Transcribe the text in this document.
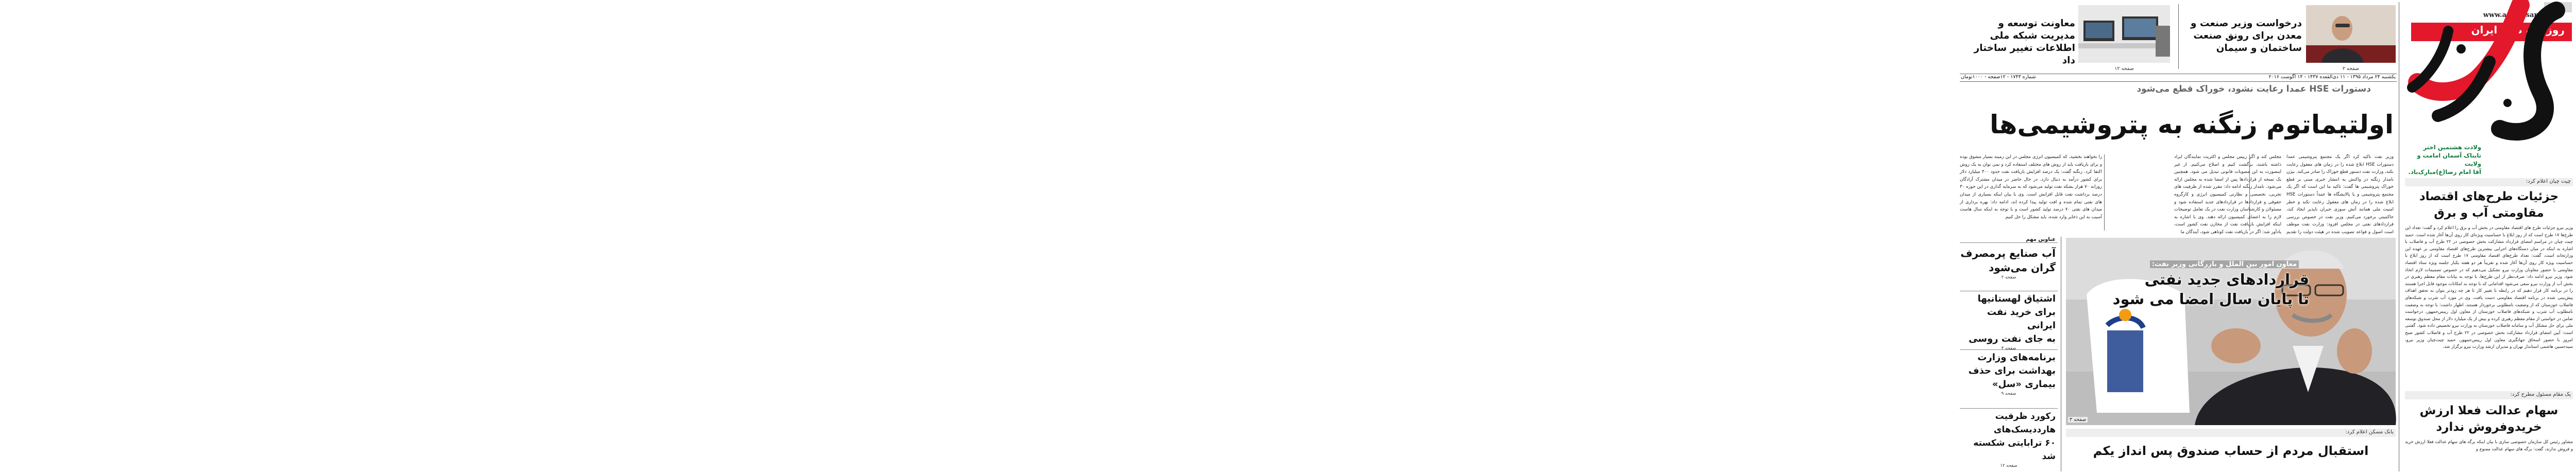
جلدا
www.asrerasaneh.ir
روزنامه صبح ایران
ولادت هشتمین اختر
تابناک آسمان امامت و ولایت
آقا امام رضا(ع)مبارک‌باد.
درخواست وزیر صنعت و معدن برای رونق صنعت ساختمان و سیمان
صفحه ۲
معاونت توسعه و مدیریت شبکه ملی اطلاعات تغییر ساختار داد
صفحه ۱۲
یکشنبه ۲۴ مرداد ۱۳۹۵ - ۱۱ ذی‌القعده ۱۴۳۷ - ۱۴ آگوست ۲۰۱۶
شماره ۱۷۴۳ - ۱۲صفحه - ۱۰۰۰تومان
دستورات HSE عمدا رعایت نشود، خوراک قطع می‌شود
اولتیماتوم زنگنه به پتروشیمی‌ها
وزیر نفت تاکید کرد اگر یک مجتمع پتروشیمی عمدا دستورات HSE ابلاغ شده را در زمان های معقول رعایت نکند، وزارت نفت دستور قطع خوراک را صادر می‌کند. بیژن نامدار زنگنه در واکنش به انتشار خبری مبنی بر قطع خوراک پتروشیمی ها گفت: تاکید ما این است که اگر یک مجتمع پتروشیمی و یا پالایشگاه ها عمداً دستورات HSE ابلاغ شده را در زمان های معقول رعایت نکند و خطر امنیت ملی همانند آتش سوزی جبران ناپذیر ایجاد کند، حاکمیتی برخورد می‌کنیم. وزیر نفت در خصوص بررسی قراردادهای نفتی در مجلس افزود: وزارت نفت موظف است اصول و قواعد تصویب شده در هیئت دولت را تقدیم
مجلس کند و اگر رییس مجلس و اکثریت نمایندگان ایراد داشته باشند، برگشت کنیم و اصلاح می‌کنیم. از غیر اینصورت به این مصوبات قانونی تبدیل می شود، همچنین یک نسخه از قراردادها پس از امضا شده به مجلس ارائه می‌شود. نامدار زنگنه ادامه داد: مقرر شده از ظرفیت های تجربی، تخصصی و نظارتی کمیسیون انرژی و کارگروه حقوقی و قراردادها در قراردادهای جدید استفاده شود و مسئولان و کارشناسان وزارت نفت در یک تعامل توضیحات لازم را به اعضای کمیسیون ارائه دهند. وی با اشاره به اینکه افزایش بازیافت نفت از مخازن نفت کشور است، یادآور شد: اگر در بازیافت نفت کوتاهی شود، آیندگان ما
را نخواهند بخشید، که کمیسیون انرژی مجلس در این زمینه بسیار مشوق بوده و برای بازیافت باید از روش های مختلف استفاده کرد و نمی توان به یک روش اکتفا کرد. زنگنه گفت: یک درصد افزایش بازیافت نفت حدود ۳۰۰ میلیارد دلار برای کشور درآمد به دنبال دارد. در حال حاضر در میدان مشترک آزادگان روزانه ۷۰ هزار بشکه نفت تولید می‌شود که به سرمایه گذاری در این حوزه ۳۰ درصد برداشت نفت قابل افزایش است. وی با بیان اینکه بسیاری از میدان های نفتی تمام شده و افت تولید پیدا کرده اند، ادامه داد: بهره برداری از میدان های نفتی ۷۰ درصد تولید کشور است و با توجه به اینکه سال هاست آسیب به این ذخایر وارد شده، باید مشکل را حل کنیم
معاون امور بین الملل و بازرگانی وزیر نفت:
قراردادهای جدید نفتی
تا پایان سال امضا می شود
صفحه ۳
بانک مسکن اعلام کرد:
استقبال مردم از حساب صندوق پس انداز یکم
عناوین مهم
آب صنایع پرمصرف
گران می‌شود
صفحه ۲
اشتیاق لهستانیها
برای خرید نفت ایرانی
به جای نفت روسی
صفحه ۳
برنامه‌های وزارت
بهداشت برای حذف
بیماری «سل»
صفحه ۹
رکورد ظرفیت
هارددیسک‌های
۶۰ ترابایتی شکسته شد
صفحه ۱۲
چیت چیان اعلام کرد:
جزئیات طرح‌های اقتصاد
مقاومتی آب و برق
وزیر نیرو جزئیات طرح های اقتصاد مقاومتی در بخش آب و برق را اعلام کرد و گفت: تعداد این طرح‌ها ۱۷ طرح است که از روز ابلاغ با حساسیت ویژه‌ای کار روی آن‌ها آغاز شده است. حمید چیت چیان در مراسم امضای قرارداد مشارکت بخش خصوصی در ۲۲ طرح آب و فاضلاب با اشاره به اینکه در میان دستگاه‌های اجرایی بیشترین طرح‌های اقتصاد مقاومتی بر عهده این وزارتخانه است، گفت: تعداد طرح‌های اقتصاد مقاومتی ۱۷ طرح است که از روز ابلاغ با حساسیت ویژه کار روی آن‌ها آغاز شده و تقریباً هر دو هفته یکبار جلسه ویژه ستاد اقتصاد مقاومتی با حضور معاونان وزارت نیرو تشکیل می‌دهیم که در خصوص تصمیمات لازم اتخاذ شود. وزیر نیرو ادامه داد: صرف‌نظر از این طرح‌ها، با توجه به بیانات مقام معظم رهبری در بخش آب از وزارت نیرو سعی می‌شود اقداماتی که با توجه به امکانات موجود قابل اجرا هستند را در برنامه کار قرار دهیم که در رابطه با تغییر کار تا هر چه زودتر بتوان به تحقق اهداف پیش‌بینی شده در برنامه اقتصاد مقاومتی دست یافت. وی در مورد آب شرب و شبکه‌های فاضلاب خوزستان که از وضعیت نامطلوبی برخوردار هستند، اظهار داشت: با توجه به وضعیت نامطلوب آب شرب و شبکه‌های فاضلاب خوزستان از معاون اول رییس‌جمهور، درخواست ضامن در خواستی از مقام معظم رهبری کرده و بیش از یک میلیارد دلار از محل صندوق توسعه ملی برای حل مشکل آب و سامانه فاضلاب خوزستان به وزارت نیرو تخصیص داده شود. گفتنی است: آیین امضای قرارداد مشارکت بخش خصوصی در ۲۲ طرح آب و فاضلاب کشور صبح امروز با حضور اسحاق جهانگیری معاون اول رییس‌جمهور، حمید چیت‌چیان وزیر نیرو، سیدحسین هاشمی استاندار تهران و مدیران ارشد وزارت نیرو برگزار شد.
یک مقام مسئول مطرح کرد:
سهام عدالت فعلا ارزش
خریدوفروش ندارد
مشاور رئیس کل سازمان خصوصی سازی با بیان اینکه برگه های سهام عدالت فعلا ارزش خرید و فروش ندارند، گفت: برگه های سهام عدالت ممنوع و
